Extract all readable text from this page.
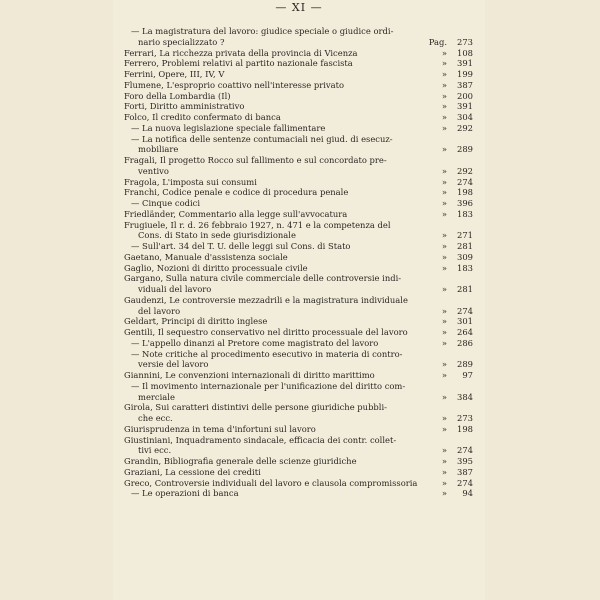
— XI —
— La magistratura del lavoro: giudice speciale o giudice ordi-
nario specializzato ?	Pag. 273
Ferrari, La ricchezza privata della provincia di Vicenza	» 108
Ferrero, Problemi relativi al partito nazionale fascista	» 391
Ferrini, Opere, III, IV, V	» 199
Flumene, L'esproprio coattivo nell'interesse privato	» 387
Foro della Lombardia (Il)	» 200
Forti, Diritto amministrativo	» 391
Folco, Il credito confermato di banca	» 304
— La nuova legislazione speciale fallimentare	» 292
— La notifica delle sentenze contumaciali nei giud. di esecuz-
mobiliare	» 289
Fragali, Il progetto Rocco sul fallimento e sul concordato pre-
ventivo	» 292
Fragola, L'imposta sui consumi	» 274
Franchi, Codice penale e codice di procedura penale	» 198
— Cinque codici	» 396
Friedländer, Commentario alla legge sull'avvocatura	» 183
Frugiuele, Il r. d. 26 febbraio 1927, n. 471 e la competenza del
Cons. di Stato in sede giurisdizionale	» 271
— Sull'art. 34 del T. U. delle leggi sul Cons. di Stato	» 281
Gaetano, Manuale d'assistenza sociale	» 309
Gaglio, Nozioni di diritto processuale civile	» 183
Gargano, Sulla natura civile commerciale delle controversie indi-
viduali del lavoro	» 281
Gaudenzi, Le controversie mezzadrili e la magistratura individuale
del lavoro	» 274
Geldart, Principi di diritto inglese	» 301
Gentili, Il sequestro conservativo nel diritto processuale del lavoro	» 264
— L'appello dinanzi al Pretore come magistrato del lavoro	» 286
— Note critiche al procedimento esecutivo in materia di contro-
versie del lavoro	» 289
Giannini, Le convenzioni internazionali di diritto marittimo	» 97
— Il movimento internazionale per l'unificazione del diritto com-
merciale	» 384
Girola, Sui caratteri distintivi delle persone giuridiche pubbli-
che ecc.	» 273
Giurisprudenza in tema d'infortuni sul lavoro	» 198
Giustiniani, Inquadramento sindacale, efficacia dei contr. collet-
tivi ecc.	» 274
Grandin, Bibliografia generale delle scienze giuridiche	» 395
Graziani, La cessione dei crediti	» 387
Greco, Controversie individuali del lavoro e clausola compromissoria	» 274
— Le operazioni di banca	» 94
